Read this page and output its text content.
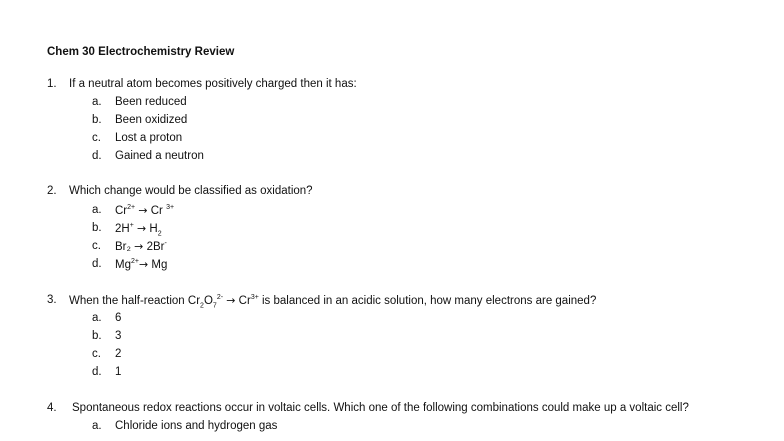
Chem 30 Electrochemistry Review
1. If a neutral atom becomes positively charged then it has:
a. Been reduced
b. Been oxidized
c. Lost a proton
d. Gained a neutron
2. Which change would be classified as oxidation?
a. $Cr^{2+} \to Cr$ $^{3+}$
b. $2H^+ \to H_2$
c. Br₂ → 2Br-
d. $Mg^{2+}\to Mg$
3. When the half-reaction $Cr_2O_7^{2-} \to Cr^{3+}$ is balanced in an acidic solution, how many electrons are gained?
a. 6
b. 3
c. 2
d. 1
4. Spontaneous redox reactions occur in voltaic cells. Which one of the following combinations could make up a voltaic cell?
a. Chloride ions and hydrogen gas
